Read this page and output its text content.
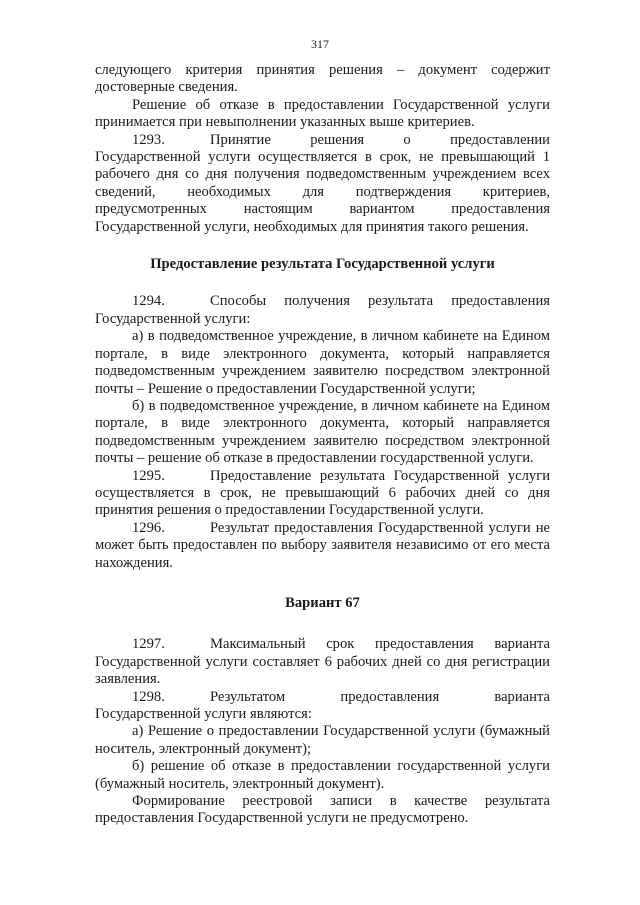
317

следующего критерия принятия решения – документ содержит достоверные сведения.

Решение об отказе в предоставлении Государственной услуги принимается при невыполнении указанных выше критериев.

1293.	Принятие решения о предоставлении Государственной услуги осуществляется в срок, не превышающий 1 рабочего дня со дня получения подведомственным учреждением всех сведений, необходимых для подтверждения критериев, предусмотренных настоящим вариантом предоставления Государственной услуги, необходимых для принятия такого решения.

Предоставление результата Государственной услуги

1294.	Способы получения результата предоставления Государственной услуги:

а) в подведомственное учреждение, в личном кабинете на Едином портале, в виде электронного документа, который направляется подведомственным учреждением заявителю посредством электронной почты – Решение о предоставлении Государственной услуги;

б) в подведомственное учреждение, в личном кабинете на Едином портале, в виде электронного документа, который направляется подведомственным учреждением заявителю посредством электронной почты – решение об отказе в предоставлении государственной услуги.

1295.	Предоставление результата Государственной услуги осуществляется в срок, не превышающий 6 рабочих дней со дня принятия решения о предоставлении Государственной услуги.

1296.	Результат предоставления Государственной услуги не может быть предоставлен по выбору заявителя независимо от его места нахождения.

Вариант 67

1297.	Максимальный срок предоставления варианта Государственной услуги составляет 6 рабочих дней со дня регистрации заявления.

1298.	Результатом предоставления варианта Государственной услуги являются:

а) Решение о предоставлении Государственной услуги (бумажный носитель, электронный документ);

б) решение об отказе в предоставлении государственной услуги (бумажный носитель, электронный документ).

Формирование реестровой записи в качестве результата предоставления Государственной услуги не предусмотрено.
